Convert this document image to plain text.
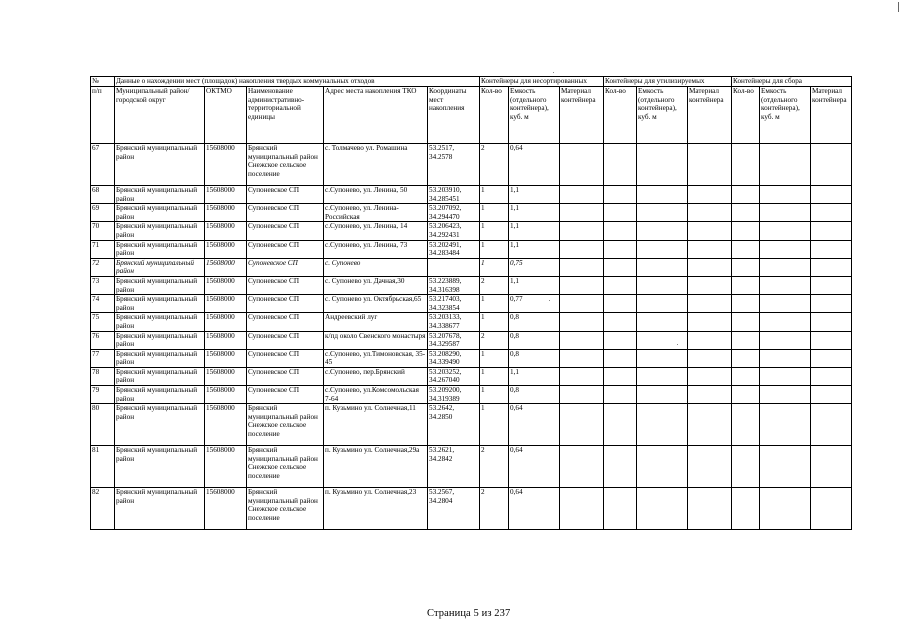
№	Данные о нахождении мест (площадок) накопления твердых коммунальных отходов					Контейнеры для несортированных			Контейнеры для утилизируемых			Контейнеры для сбора		
п/п	Муниципальный район/городской округ	ОКТМО	Наименование административно-территориальной единицы	Адрес места накопления ТКО	Координаты мест накопления	Кол-во	Емкость (отдельного контейнера), куб. м	Материал контейнера	Кол-во	Емкость (отдельного контейнера), куб. м	Материал контейнера	Кол-во	Емкость (отдельного контейнера), куб. м	Материал контейнера
67	Брянский муниципальный район	15608000	Брянский муниципальный район Снежское сельское поселение	с. Толмачево ул. Ромашина	53.2517, 34.2578	2	0,64							
68	Брянский муниципальный район	15608000	Супоневское СП	с.Супонево, ул. Ленина, 50	53.203910, 34.285451	1	1,1							
69	Брянский муниципальный район	15608000	Супоневское СП	с.Супонево, ул. Ленина-Российская	53.207092, 34.294470	1	1,1							
70	Брянский муниципальный район	15608000	Супоневское СП	с.Супонево, ул. Ленина, 14	53.206423, 34.292431	1	1,1							
71	Брянский муниципальный район	15608000	Супоневское СП	с.Супонево, ул. Ленина, 73	53.202491, 34.283484	1	1,1							
72	Брянский муниципальный район	15608000	Супоневское СП	с. Супонево		1	0,75							
73	Брянский муниципальный район	15608000	Супоневское СП	с. Супонево ул. Дачная,30	53.223889, 34.316398	2	1,1							
74	Брянский муниципальный район	15608000	Супоневское СП	с. Супонево ул. Октябрьская,65	53.217403, 34.323854	1	0,77							
75	Брянский муниципальный район	15608000	Супоневское СП	Андреевский луг	53.203133, 34.338677	1	0,8							
76	Брянский муниципальный район	15608000	Супоневское СП	к/пд около Свенского монастыря	53.207678, 34.329587	2	0,8							
77	Брянский муниципальный район	15608000	Супоневское СП	с.Супонево, ул.Тимоновская, 35-45	53.208290, 34.339490	1	0,8							
78	Брянский муниципальный район	15608000	Супоневское СП	с.Супонево, пер.Брянский	53.203252, 34.267040	1	1,1							
79	Брянский муниципальный район	15608000	Супоневское СП	с.Супонево, ул.Комсомольская 7-64	53.209200, 34.319389	1	0,8							
80	Брянский муниципальный район	15608000	Брянский муниципальный район Снежское сельское поселение	п. Кузьмино ул. Солнечная,11	53.2642, 34.2850	1	0,64							
81	Брянский муниципальный район	15608000	Брянский муниципальный район Снежское сельское поселение	п. Кузьмино ул. Солнечная,29а	53.2621, 34.2842	2	0,64							
82	Брянский муниципальный район	15608000	Брянский муниципальный район Снежское сельское поселение	п. Кузьмино ул. Солнечная,23	53.2567, 34.2804	2	0,64							
Страница 5 из 237
